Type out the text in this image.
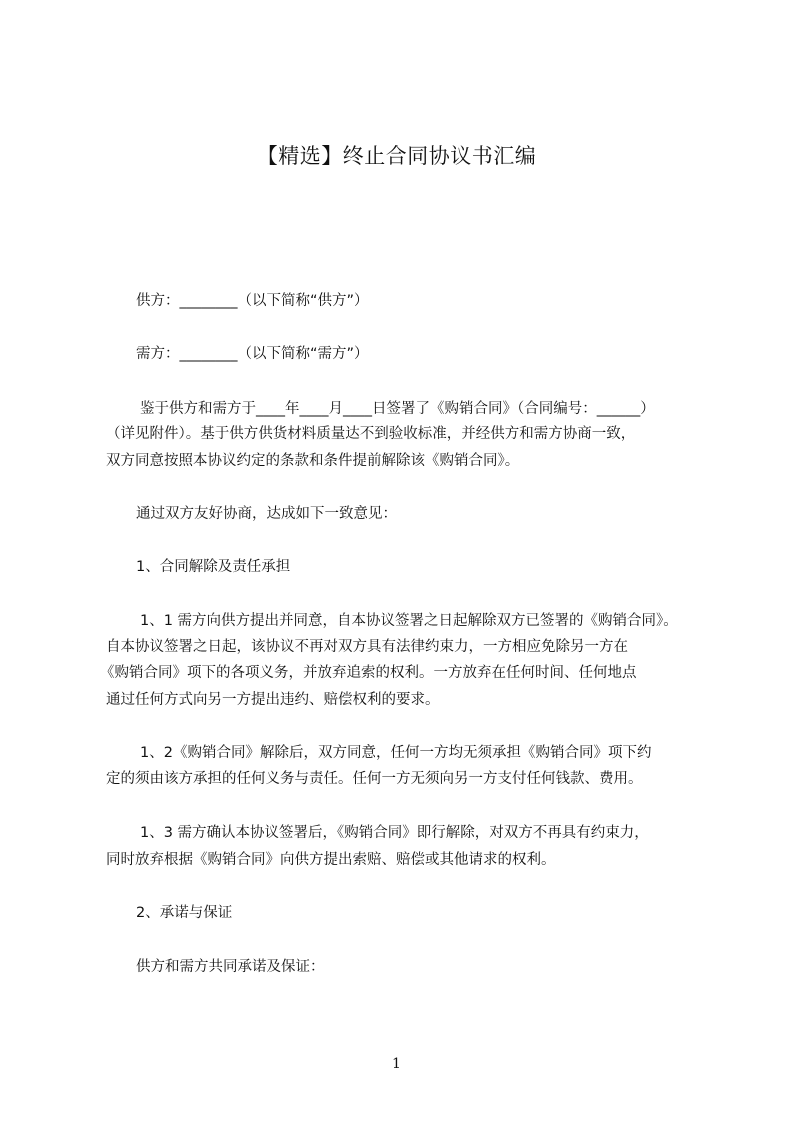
【精选】终止合同协议书汇编
供方：________（以下简称“供方”）
需方：________（以下简称“需方”）
鉴于供方和需方于____年____月____日签署了《购销合同》（合同编号：______）
（详见附件）。基于供方供货材料质量达不到验收标准，并经供方和需方协商一致，
双方同意按照本协议约定的条款和条件提前解除该《购销合同》。
通过双方友好协商，达成如下一致意见：
1、合同解除及责任承担
1、1 需方向供方提出并同意，自本协议签署之日起解除双方已签署的《购销合同》。
自本协议签署之日起，该协议不再对双方具有法律约束力，一方相应免除另一方在
《购销合同》项下的各项义务，并放弃追索的权利。一方放弃在任何时间、任何地点
通过任何方式向另一方提出违约、赔偿权利的要求。
1、2《购销合同》解除后，双方同意，任何一方均无须承担《购销合同》项下约
定的须由该方承担的任何义务与责任。任何一方无须向另一方支付任何钱款、费用。
1、3 需方确认本协议签署后，《购销合同》即行解除，对双方不再具有约束力，
同时放弃根据《购销合同》向供方提出索赔、赔偿或其他请求的权利。
2、承诺与保证
供方和需方共同承诺及保证：
1
